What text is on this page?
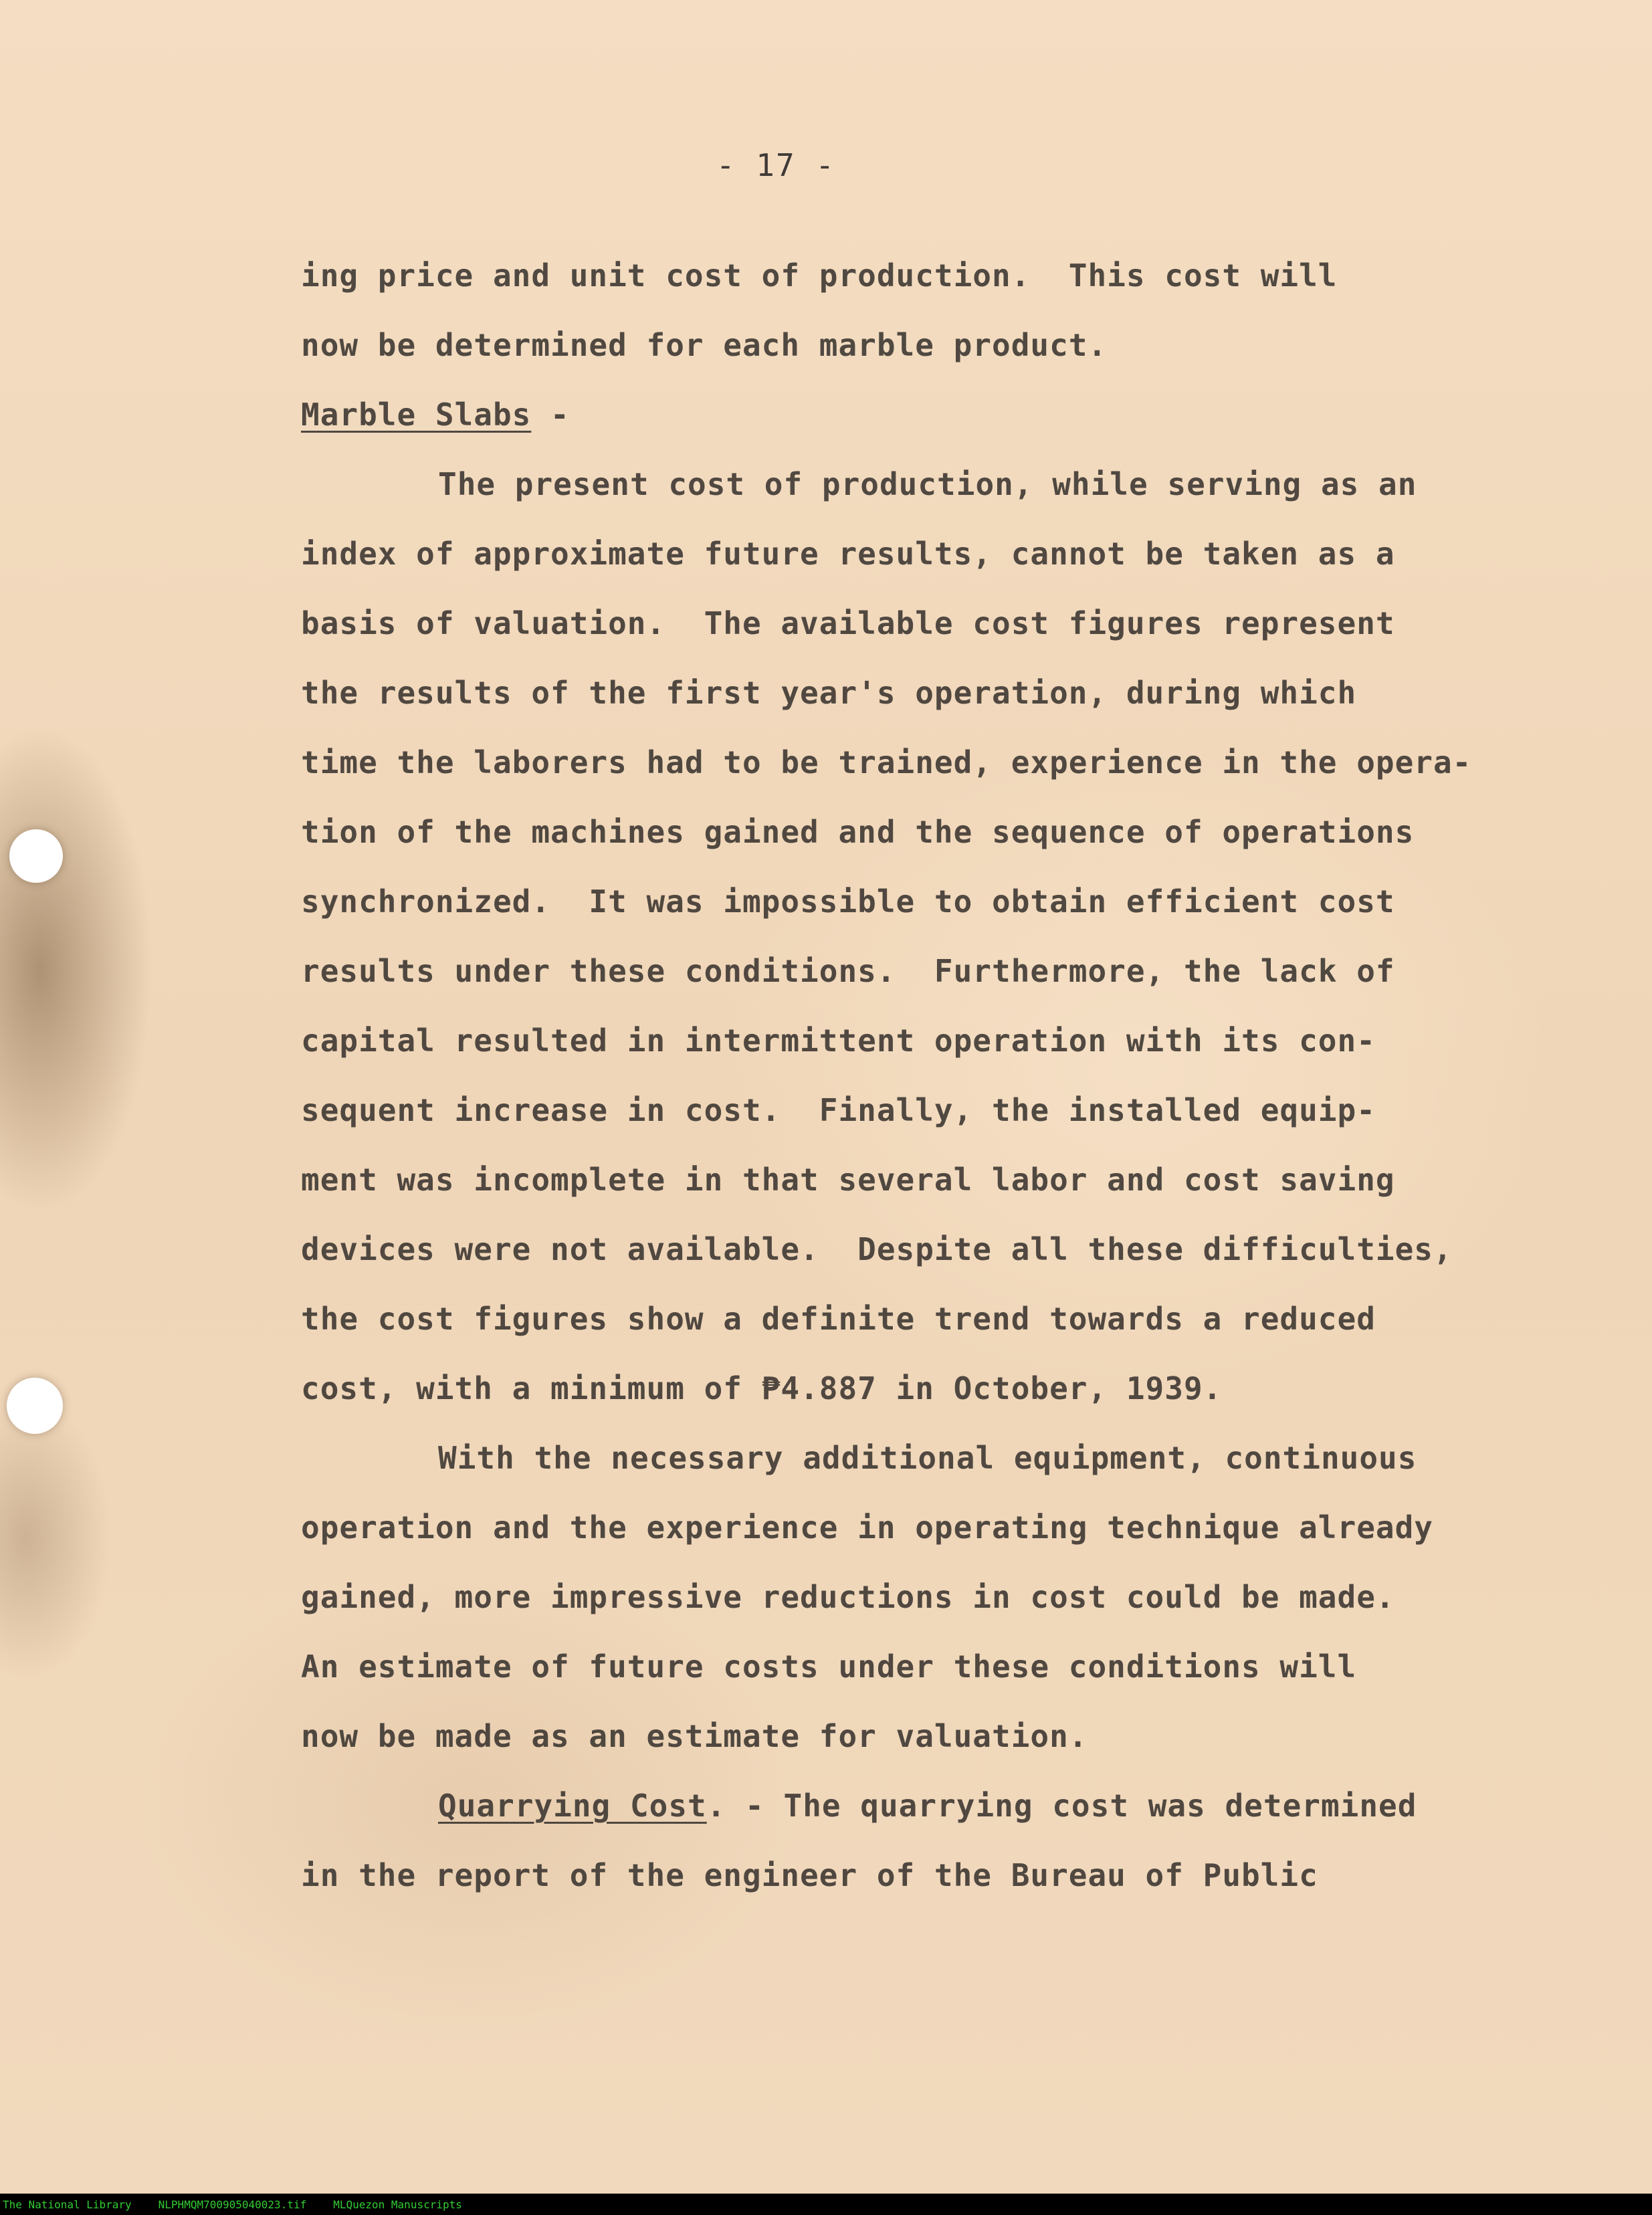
- 17 -
ing price and unit cost of production.  This cost will
now be determined for each marble product.
Marble Slabs -
The present cost of production, while serving as an
index of approximate future results, cannot be taken as a
basis of valuation.  The available cost figures represent
the results of the first year's operation, during which
time the laborers had to be trained, experience in the opera-
tion of the machines gained and the sequence of operations
synchronized.  It was impossible to obtain efficient cost
results under these conditions.  Furthermore, the lack of
capital resulted in intermittent operation with its con-
sequent increase in cost.  Finally, the installed equip-
ment was incomplete in that several labor and cost saving
devices were not available.  Despite all these difficulties,
the cost figures show a definite trend towards a reduced
cost, with a minimum of ₱4.887 in October, 1939.
With the necessary additional equipment, continuous
operation and the experience in operating technique already
gained, more impressive reductions in cost could be made.
An estimate of future costs under these conditions will
now be made as an estimate for valuation.
Quarrying Cost. - The quarrying cost was determined
in the report of the engineer of the Bureau of Public
The National Library	NLPHMQM700905040023.tif	MLQuezon Manuscripts
